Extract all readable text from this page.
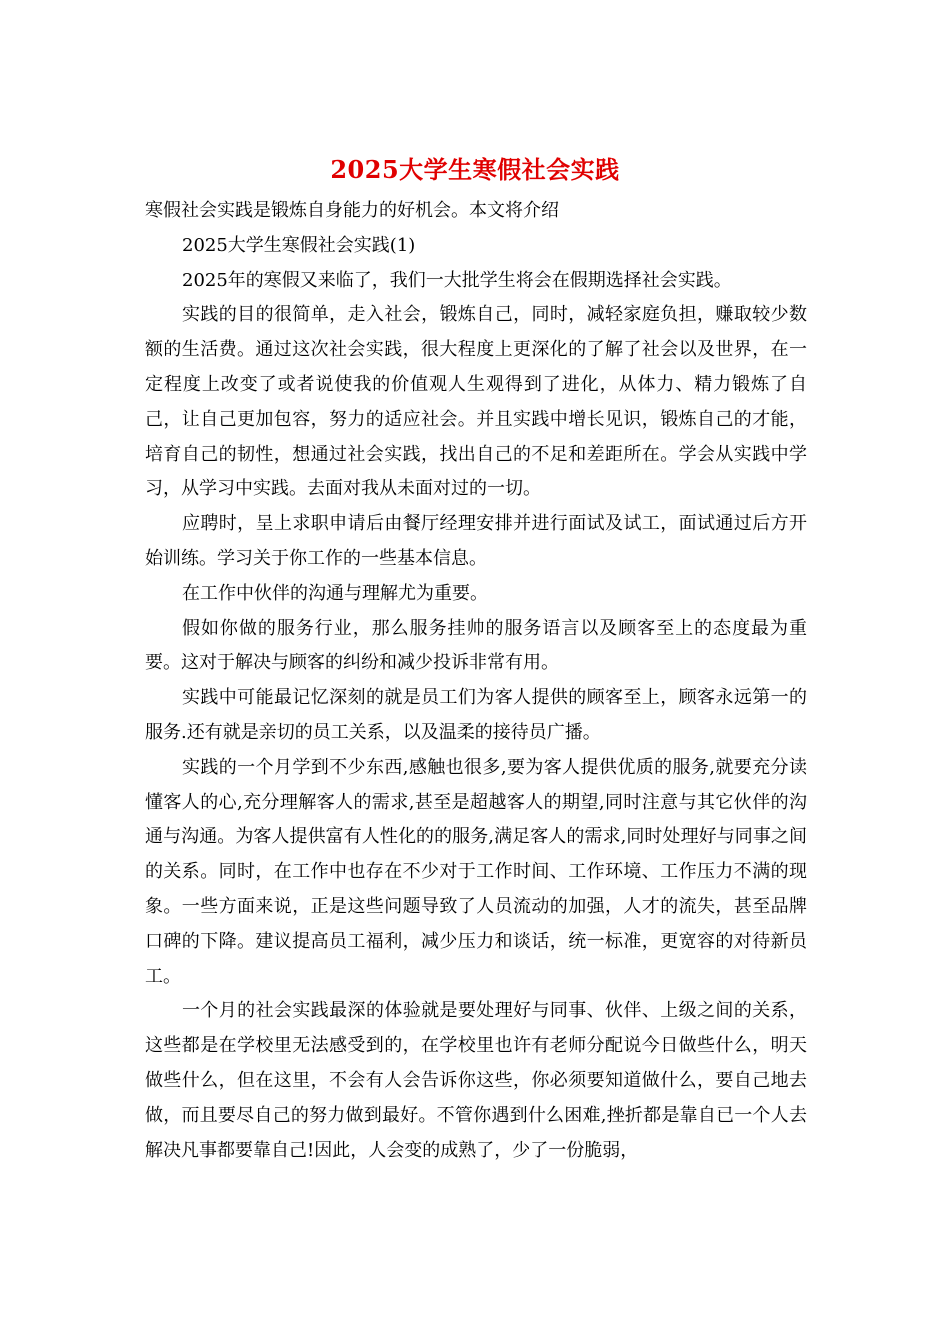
2025大学生寒假社会实践

寒假社会实践是锻炼自身能力的好机会。本文将介绍

2025大学生寒假社会实践(1)

2025年的寒假又来临了，我们一大批学生将会在假期选择社会实践。

实践的目的很简单，走入社会，锻炼自己，同时，减轻家庭负担，赚取较少数额的生活费。通过这次社会实践，很大程度上更深化的了解了社会以及世界，在一定程度上改变了或者说使我的价值观人生观得到了进化，从体力、精力锻炼了自己，让自己更加包容，努力的适应社会。并且实践中增长见识，锻炼自己的才能，培育自己的韧性，想通过社会实践，找出自己的不足和差距所在。学会从实践中学习，从学习中实践。去面对我从未面对过的一切。

应聘时，呈上求职申请后由餐厅经理安排并进行面试及试工，面试通过后方开始训练。学习关于你工作的一些基本信息。

在工作中伙伴的沟通与理解尤为重要。

假如你做的服务行业，那么服务挂帅的服务语言以及顾客至上的态度最为重要。这对于解决与顾客的纠纷和减少投诉非常有用。

实践中可能最记忆深刻的就是员工们为客人提供的顾客至上，顾客永远第一的服务.还有就是亲切的员工关系，以及温柔的接待员广播。

实践的一个月学到不少东西,感触也很多,要为客人提供优质的服务,就要充分读懂客人的心,充分理解客人的需求,甚至是超越客人的期望,同时注意与其它伙伴的沟通与沟通。为客人提供富有人性化的的服务,满足客人的需求,同时处理好与同事之间的关系。同时，在工作中也存在不少对于工作时间、工作环境、工作压力不满的现象。一些方面来说，正是这些问题导致了人员流动的加强，人才的流失，甚至品牌口碑的下降。建议提高员工福利，减少压力和谈话，统一标准，更宽容的对待新员工。

一个月的社会实践最深的体验就是要处理好与同事、伙伴、上级之间的关系，这些都是在学校里无法感受到的，在学校里也许有老师分配说今日做些什么，明天做些什么，但在这里，不会有人会告诉你这些，你必须要知道做什么，要自己地去做，而且要尽自己的努力做到最好。不管你遇到什么困难,挫折都是靠自已一个人去解决凡事都要靠自己!因此，人会变的成熟了，少了一份脆弱，
